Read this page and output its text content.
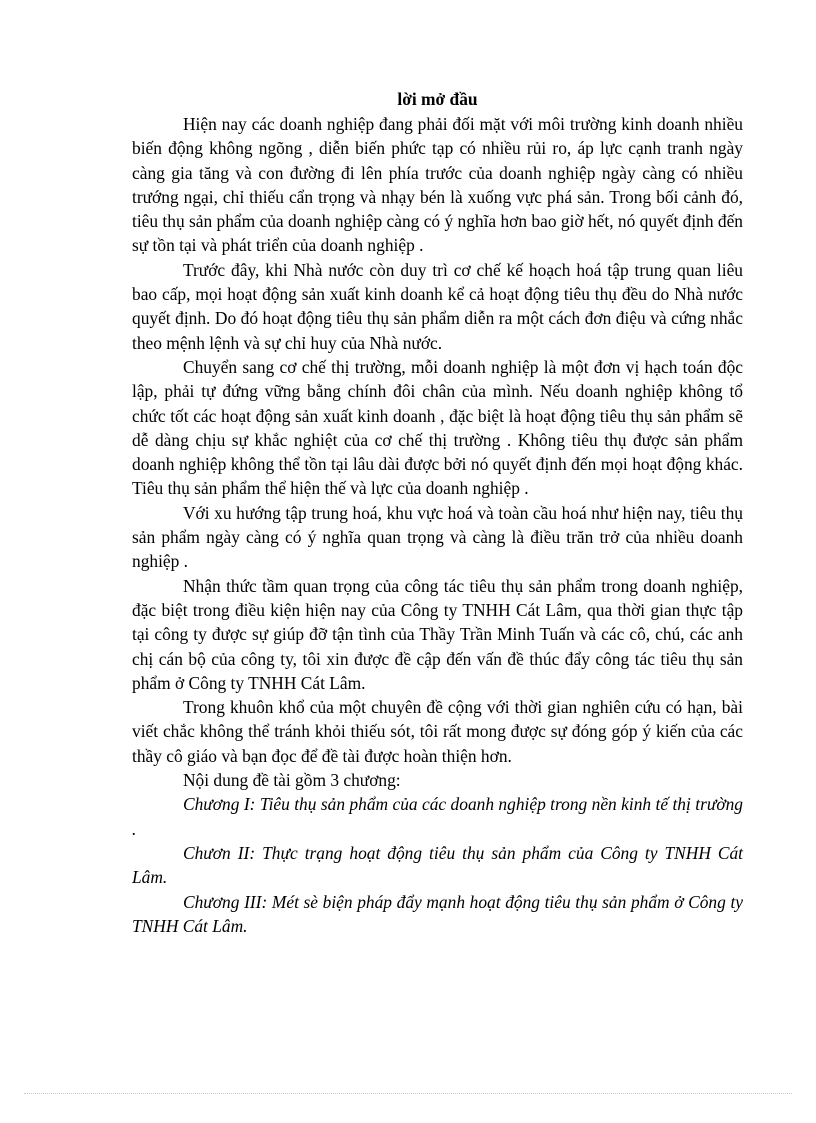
lời mở đầu

Hiện nay các doanh nghiệp đang phải đối mặt với môi trường kinh doanh nhiều biến động không ngõng , diễn biến phức tạp có nhiều rủi ro, áp lực cạnh tranh ngày càng gia tăng và con đường đi lên phía trước của doanh nghiệp ngày càng có nhiều trướng ngại, chỉ thiếu cẩn trọng và nhạy bén là xuống vực phá sản. Trong bối cảnh đó, tiêu thụ sản phẩm của doanh nghiệp càng có ý nghĩa hơn bao giờ hết, nó quyết định đến sự tồn tại và phát triển của doanh nghiệp .

Trước đây, khi Nhà nước còn duy trì cơ chế kế hoạch hoá tập trung quan liêu bao cấp, mọi hoạt động sản xuất kinh doanh kể cả hoạt động tiêu thụ đều do Nhà nước quyết định. Do đó hoạt động tiêu thụ sản phẩm diễn ra một cách đơn điệu và cứng nhắc theo mệnh lệnh và sự chỉ huy của Nhà nước.

Chuyển sang cơ chế thị trường, mỗi doanh nghiệp là một đơn vị hạch toán độc lập, phải tự đứng vững bằng chính đôi chân của mình. Nếu doanh nghiệp không tổ chức tốt các hoạt động sản xuất kinh doanh , đặc biệt là hoạt động tiêu thụ sản phẩm sẽ dễ dàng chịu sự khắc nghiệt của cơ chế thị trường . Không tiêu thụ được sản phẩm doanh nghiệp không thể tồn tại lâu dài được bởi nó quyết định đến mọi hoạt động khác. Tiêu thụ sản phẩm thể hiện thế và lực của doanh nghiệp .

Với xu hướng tập trung hoá, khu vực hoá và toàn cầu hoá như hiện nay, tiêu thụ sản phẩm ngày càng có ý nghĩa quan trọng và càng là điều trăn trở của nhiều doanh nghiệp .

Nhận thức tầm quan trọng của công tác tiêu thụ sản phẩm trong doanh nghiệp, đặc biệt trong điều kiện hiện nay của Công ty TNHH Cát Lâm, qua thời gian thực tập tại công ty được sự giúp đỡ tận tình của Thầy Trần Minh Tuấn và các cô, chú, các anh chị cán bộ của công ty, tôi xin được đề cập đến vấn đề thúc đẩy công tác tiêu thụ sản phẩm ở Công ty TNHH Cát Lâm.

Trong khuôn khổ của một chuyên đề cộng với thời gian nghiên cứu có hạn, bài viết chắc không thể tránh khỏi thiếu sót, tôi rất mong được sự đóng góp ý kiến của các thầy cô giáo và bạn đọc để đề tài được hoàn thiện hơn.

Nội dung đề tài gồm 3 chương:

Chương I: Tiêu thụ sản phẩm của các doanh nghiệp trong nền kinh tế thị trường .

Chươn II: Thực trạng hoạt động tiêu thụ sản phẩm của Công ty TNHH Cát Lâm.

Chương III: Mét sè biện pháp đẩy mạnh hoạt động tiêu thụ sản phẩm ở Công ty TNHH Cát Lâm.
